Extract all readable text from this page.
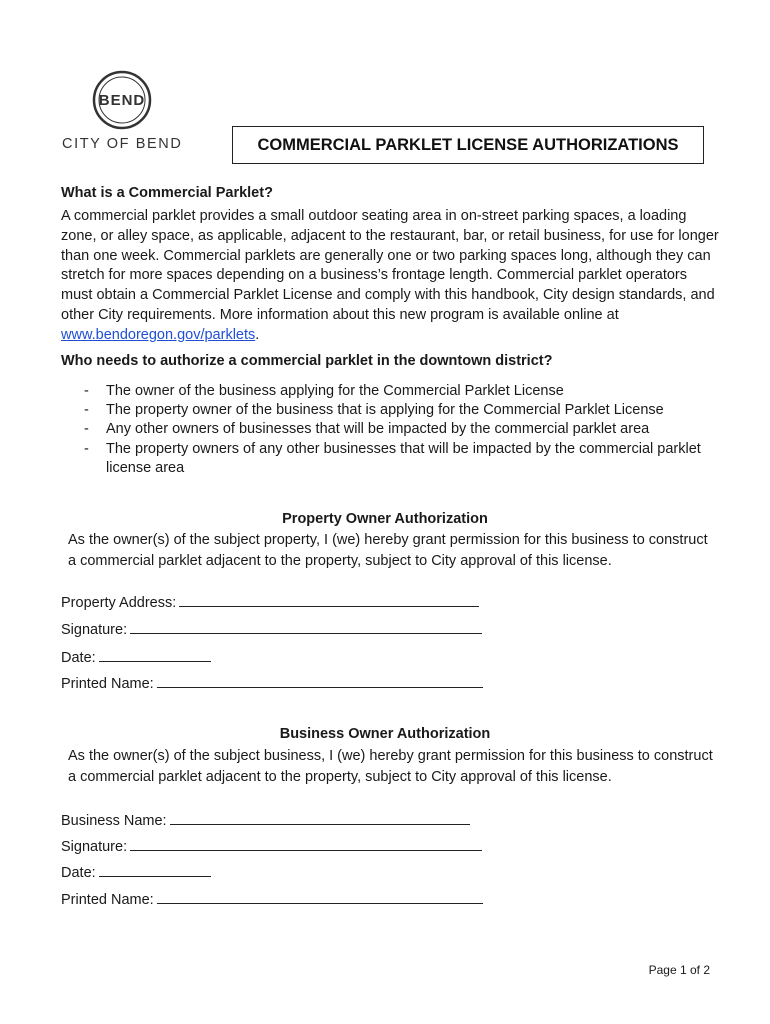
BEND
CITY OF BEND	COMMERCIAL PARKLET LICENSE AUTHORIZATIONS
What is a Commercial Parklet?

A commercial parklet provides a small outdoor seating area in on-street parking spaces, a loading zone, or alley space, as applicable, adjacent to the restaurant, bar, or retail business, for use for longer than one week. Commercial parklets are generally one or two parking spaces long, although they can stretch for more spaces depending on a business’s frontage length. Commercial parklet operators must obtain a Commercial Parklet License and comply with this handbook, City design standards, and other City requirements. More information about this new program is available online at www.bendoregon.gov/parklets.

Who needs to authorize a commercial parklet in the downtown district?
-	The owner of the business applying for the Commercial Parklet License
-	The property owner of the business that is applying for the Commercial Parklet License
-	Any other owners of businesses that will be impacted by the commercial parklet area
-	The property owners of any other businesses that will be impacted by the commercial parklet license area
Property Owner Authorization
As the owner(s) of the subject property, I (we) hereby grant permission for this business to construct a commercial parklet adjacent to the property, subject to City approval of this license.
Property Address:
Signature:
Date:
Printed Name:
Business Owner Authorization
As the owner(s) of the subject business, I (we) hereby grant permission for this business to construct a commercial parklet adjacent to the property, subject to City approval of this license.
Business Name:
Signature:
Date:
Printed Name:
Page 1 of 2
